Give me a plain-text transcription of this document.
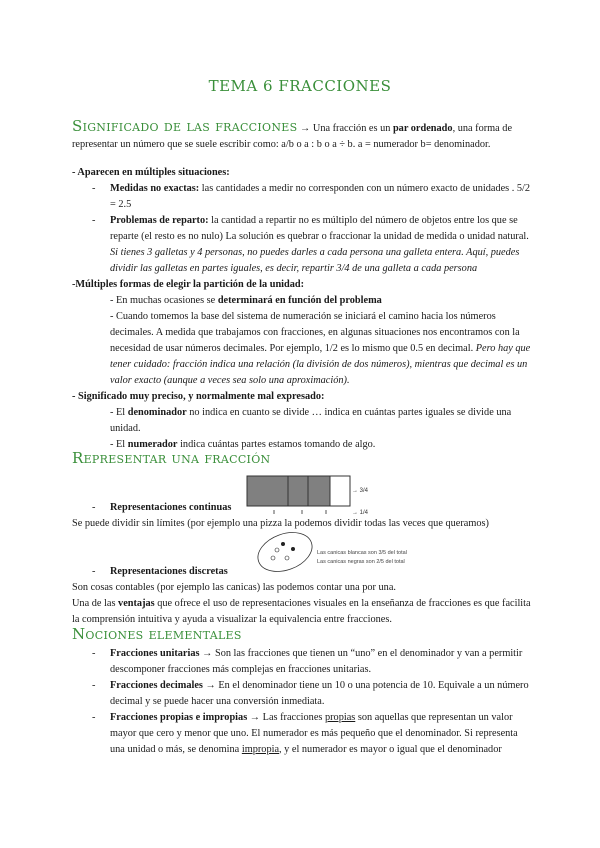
TEMA 6 FRACCIONES
Significado de las fracciones → Una fracción es un par ordenado, una forma de representar un número que se suele escribir como: a/b o a : b o a ÷ b. a = numerador b= denominador.
- Aparecen en múltiples situaciones:
- Medidas no exactas: las cantidades a medir no corresponden con un número exacto de unidades . 5/2 = 2.5
- Problemas de reparto: la cantidad a repartir no es múltiplo del número de objetos entre los que se reparte (el resto es no nulo) La solución es quebrar o fraccionar la unidad de medida o unidad natural. Si tienes 3 galletas y 4 personas, no puedes darles a cada persona una galleta entera. Aquí, puedes dividir las galletas en partes iguales, es decir, repartir 3/4 de una galleta a cada persona
-Múltiples formas de elegir la partición de la unidad:
- En muchas ocasiones se determinará en función del problema
- Cuando tomemos la base del sistema de numeración se iniciará el camino hacia los números decimales. A medida que trabajamos con fracciones, en algunas situaciones nos encontramos con la necesidad de usar números decimales. Por ejemplo, 1/2 es lo mismo que 0.5 en decimal. Pero hay que tener cuidado: fracción indica una relación (la división de dos números), mientras que decimal es un valor exacto (aunque a veces sea solo una aproximación).
- Significado muy preciso, y normalmente mal expresado:
- El denominador no indica en cuanto se divide … indica en cuántas partes iguales se divide una unidad.
- El numerador indica cuántas partes estamos tomando de algo.
Representar una fracción
→ 3/4
→ 1/4
- Representaciones continuas
Se puede dividir sin límites (por ejemplo una pizza la podemos dividir todas las veces que queramos)
Las canicas blancas son 3/5 del total
Las canicas negras son 2/5 del total
- Representaciones discretas
Son cosas contables (por ejemplo las canicas) las podemos contar una por una.
Una de las ventajas que ofrece el uso de representaciones visuales en la enseñanza de fracciones es que facilita la comprensión intuitiva y ayuda a visualizar la equivalencia entre fracciones.
Nociones elementales
- Fracciones unitarias → Son las fracciones que tienen un “uno” en el denominador y van a permitir descomponer fracciones más complejas en fracciones unitarias.
- Fracciones decimales → En el denominador tiene un 10 o una potencia de 10. Equivale a un número decimal y se puede hacer una conversión inmediata.
- Fracciones propias e impropias → Las fracciones propias son aquellas que representan un valor mayor que cero y menor que uno. El numerador es más pequeño que el denominador. Si representa una unidad o más, se denomina impropia, y el numerador es mayor o igual que el denominador
